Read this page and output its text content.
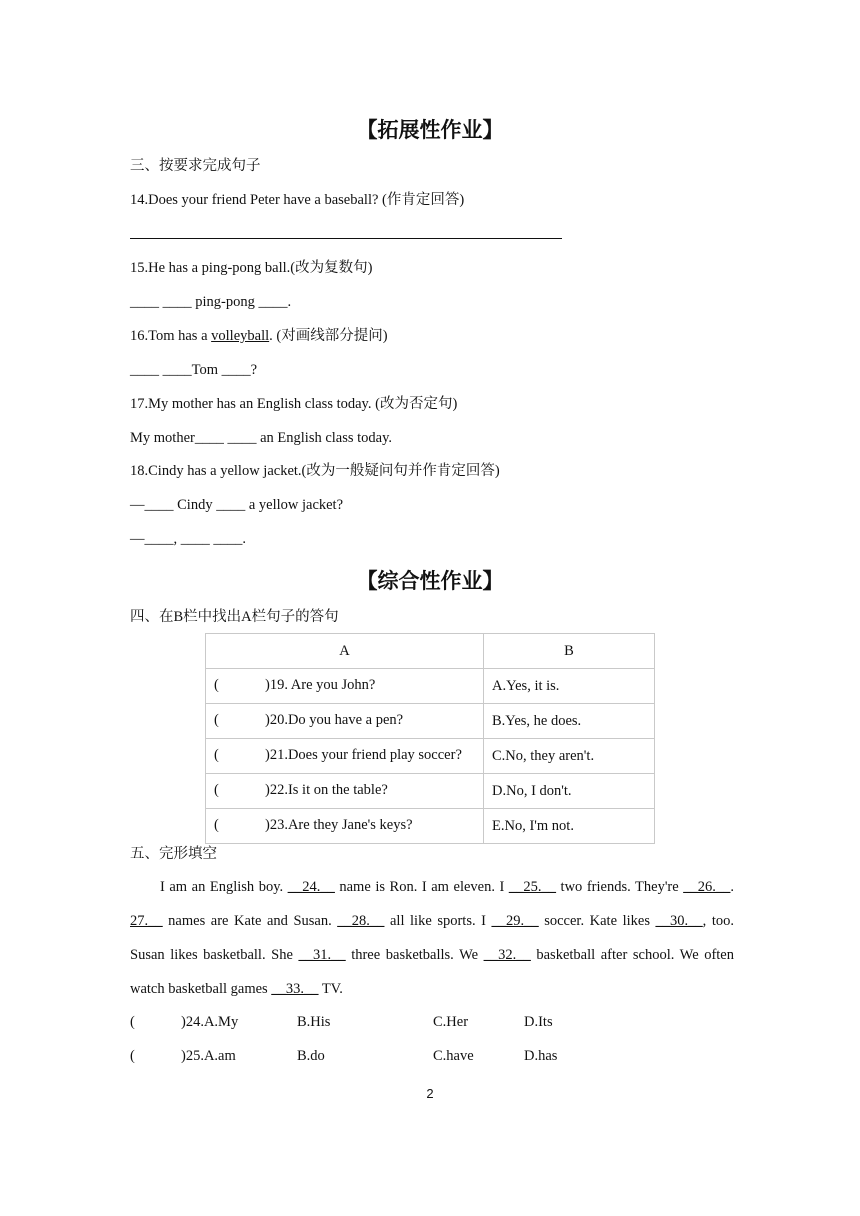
【拓展性作业】
三、按要求完成句子
14.Does your friend Peter have a baseball? (作肯定回答)
15.He has a ping-pong ball.(改为复数句)
____ ____ ping-pong ____.
16.Tom has a volleyball. (对画线部分提问)
____ ____Tom ____?
17.My mother has an English class today. (改为否定句)
My mother____ ____ an English class today.
18.Cindy has a yellow jacket.(改为一般疑问句并作肯定回答)
—____ Cindy ____ a yellow jacket?
—____, ____ ____.
【综合性作业】
四、在B栏中找出A栏句子的答句
A	B

( )19. Are you John?	A.Yes, it is.

( )20.Do you have a pen?	B.Yes, he does.

( )21.Does your friend play soccer?	C.No, they aren't.

( )22.Is it on the table?	D.No, I don't.

( )23.Are they Jane's keys?	E.No, I'm not.
五、完形填空
I am an English boy. __24.__ name is Ron. I am eleven. I __25.__ two friends. They're __26.__. 27.__ names are Kate and Susan. __28.__ all like sports. I __29.__ soccer. Kate likes __30.__, too. Susan likes basketball. She __31.__ three basketballs. We __32.__ basketball after school. We often watch basketball games __33.__ TV.
(	)24.A.My	B.His	C.Her	D.Its
(	)25.A.am	B.do	C.have	D.has
2
